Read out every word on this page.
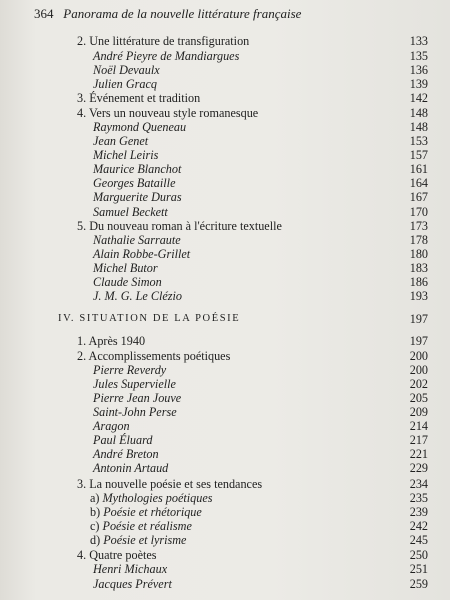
364 Panorama de la nouvelle littérature française
2. Une littérature de transfiguration	133
André Pieyre de Mandiargues	135
Noël Devaulx	136
Julien Gracq	139
3. Événement et tradition	142
4. Vers un nouveau style romanesque	148
Raymond Queneau	148
Jean Genet	153
Michel Leiris	157
Maurice Blanchot	161
Georges Bataille	164
Marguerite Duras	167
Samuel Beckett	170
5. Du nouveau roman à l'écriture textuelle	173
Nathalie Sarraute	178
Alain Robbe-Grillet	180
Michel Butor	183
Claude Simon	186
J. M. G. Le Clézio	193
IV. SITUATION DE LA POÉSIE	197
1. Après 1940	197
2. Accomplissements poétiques	200
Pierre Reverdy	200
Jules Supervielle	202
Pierre Jean Jouve	205
Saint-John Perse	209
Aragon	214
Paul Éluard	217
André Breton	221
Antonin Artaud	229
3. La nouvelle poésie et ses tendances	234
a) Mythologies poétiques	235
b) Poésie et rhétorique	239
c) Poésie et réalisme	242
d) Poésie et lyrisme	245
4. Quatre poètes	250
Henri Michaux	251
Jacques Prévert	259
